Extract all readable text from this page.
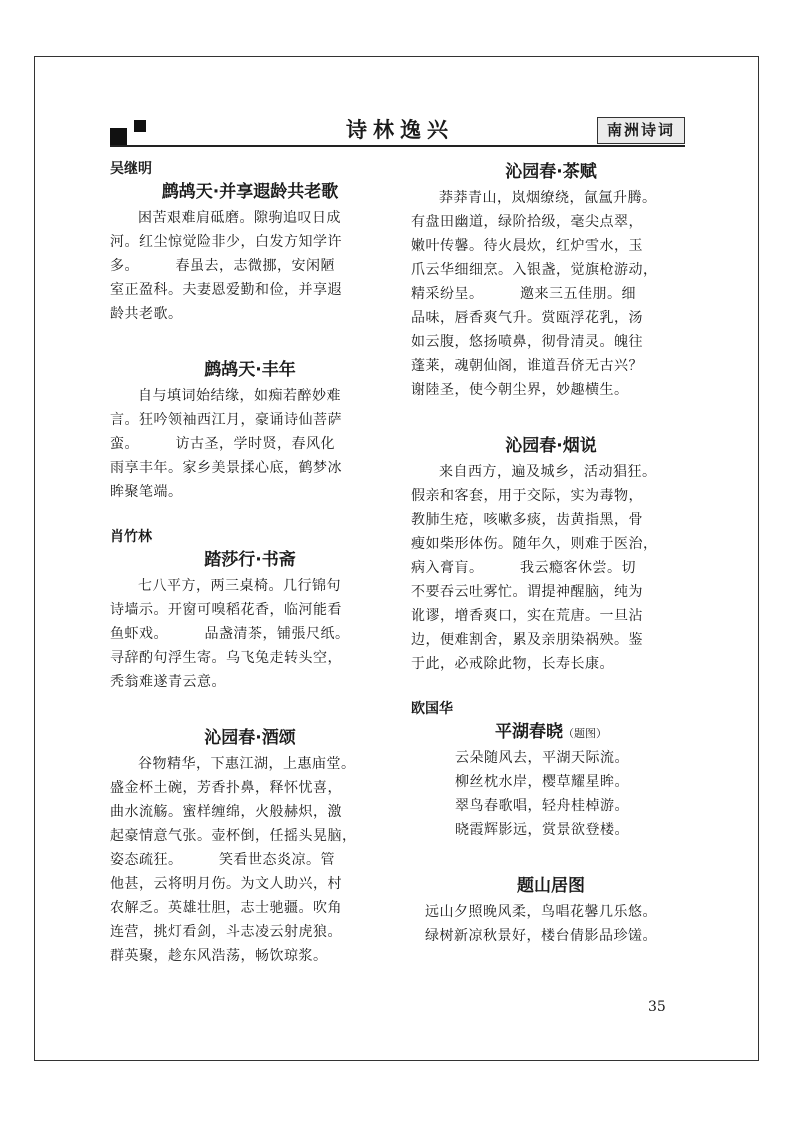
诗林逸兴	南洲诗词
吴继明
鹧鸪天·并享遐龄共老歌

困苦艰难肩砥磨。隙驹追叹日成

河。红尘惊觉险非少，白发方知学许

多。　　　春虽去，志微挪，安闲陋

室正盈科。夫妻恩爱勤和俭，并享遐

龄共老歌。

鹧鸪天·丰年

自与填词始结缘，如痴若醉妙难

言。狂吟领袖西江月，豪诵诗仙菩萨

蛮。　　　访古圣，学时贤，春风化

雨享丰年。家乡美景揉心底，鹤梦冰

眸聚笔端。

肖竹林
踏莎行·书斋

七八平方，两三桌椅。几行锦句

诗墙示。开窗可嗅稻花香，临河能看

鱼虾戏。　　　品盏清茶，铺張尺纸。

寻辞酌句浮生寄。乌飞兔走转头空，

秃翁难遂青云意。

沁园春·酒颂

谷物精华，下惠江湖，上惠庙堂。

盛金杯土碗，芳香扑鼻，释怀忧喜，

曲水流觞。蜜样缠绵，火般赫炽，激

起豪情意气张。壶杯倒，任摇头晃脑，

姿态疏狂。　　　笑看世态炎凉。管

他甚，云将明月伤。为文人助兴，村

农解乏。英雄壮胆，志士驰疆。吹角

连营，挑灯看剑，斗志凌云射虎狼。

群英聚，趁东风浩荡，畅饮琼浆。

沁园春·茶赋

莽莽青山，岚烟缭绕，氤氲升腾。

有盘田幽道，绿阶拾级，毫尖点翠，

嫩叶传馨。待火晨炊，红炉雪水，玉

爪云华细细烹。入银盏，觉旗枪游动，

精采纷呈。　　　邀来三五佳朋。细

品味，唇香爽气升。赏瓯浮花乳，汤

如云腹，悠扬喷鼻，彻骨清灵。魄往

蓬莱，魂朝仙阁，谁道吾侪无古兴？

谢陸圣，使今朝尘界，妙趣横生。

沁园春·烟说

来自西方，遍及城乡，活动猖狂。

假亲和客套，用于交际，实为毒物，

教肺生疮，咳嗽多痰，齿黄指黑，骨

瘦如柴形体伤。随年久，则难于医治，

病入膏肓。　　　我云瘾客休尝。切

不要吞云吐雾忙。谓提神醒脑，纯为

讹谬，增香爽口，实在荒唐。一旦沾

边，便难割舍，累及亲朋染祸殃。鉴

于此，必戒除此物，长寿长康。

欧国华
平湖春晓（题图）
云朵随风去，平湖天际流。
柳丝枕水岸，樱草耀星眸。
翠鸟春歌唱，轻舟桂棹游。
晓霞辉影远，赏景欲登楼。
题山居图
远山夕照晚风柔，鸟唱花馨几乐悠。
绿树新凉秋景好，楼台倩影品珍馐。
35
